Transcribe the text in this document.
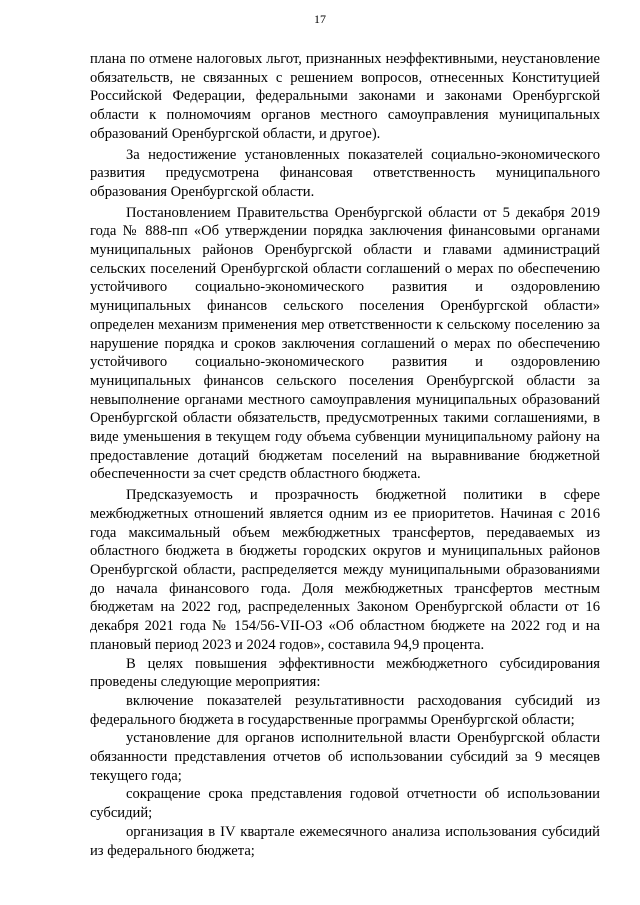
17

плана по отмене налоговых льгот, признанных неэффективными, неустановление обязательств, не связанных с решением вопросов, отнесенных Конституцией Российской Федерации, федеральными законами и законами Оренбургской области к полномочиям органов местного самоуправления муниципальных образований Оренбургской области, и другое).

За недостижение установленных показателей социально-экономического развития предусмотрена финансовая ответственность муниципального образования Оренбургской области.

Постановлением Правительства Оренбургской области от 5 декабря 2019 года № 888-пп «Об утверждении порядка заключения финансовыми органами муниципальных районов Оренбургской области и главами администраций сельских поселений Оренбургской области соглашений о мерах по обеспечению устойчивого социально-экономического развития и оздоровлению муниципальных финансов сельского поселения Оренбургской области» определен механизм применения мер ответственности к сельскому поселению за нарушение порядка и сроков заключения соглашений о мерах по обеспечению устойчивого социально-экономического развития и оздоровлению муниципальных финансов сельского поселения Оренбургской области за невыполнение органами местного самоуправления муниципальных образований Оренбургской области обязательств, предусмотренных такими соглашениями, в виде уменьшения в текущем году объема субвенции муниципальному району на предоставление дотаций бюджетам поселений на выравнивание бюджетной обеспеченности за счет средств областного бюджета.

Предсказуемость и прозрачность бюджетной политики в сфере межбюджетных отношений является одним из ее приоритетов. Начиная с 2016 года максимальный объем межбюджетных трансфертов, передаваемых из областного бюджета в бюджеты городских округов и муниципальных районов Оренбургской области, распределяется между муниципальными образованиями до начала финансового года. Доля межбюджетных трансфертов местным бюджетам на 2022 год, распределенных Законом Оренбургской области от 16 декабря 2021 года № 154/56-VII-ОЗ «Об областном бюджете на 2022 год и на плановый период 2023 и 2024 годов», составила 94,9 процента.

В целях повышения эффективности межбюджетного субсидирования проведены следующие мероприятия:

включение показателей результативности расходования субсидий из федерального бюджета в государственные программы Оренбургской области;

установление для органов исполнительной власти Оренбургской области обязанности представления отчетов об использовании субсидий за 9 месяцев текущего года;

сокращение срока представления годовой отчетности об использовании субсидий;

организация в IV квартале ежемесячного анализа использования субсидий из федерального бюджета;
